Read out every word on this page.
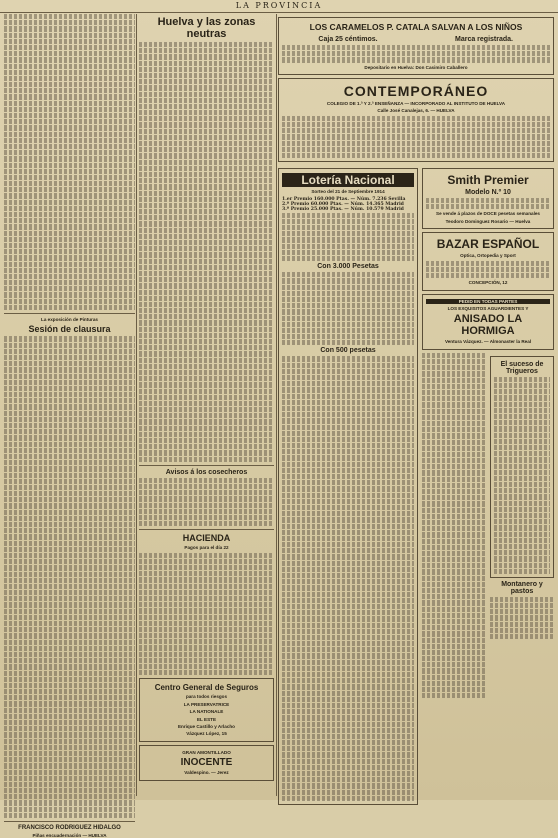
LA PROVINCIA
La exposición de Pinturas
Sesión de clausura
FRANCISCO RODRIGUEZ HIDALGO
Piñas encuadernación — HUELVA
Huelva y las zonas neutras
Avisos á los cosecheros
HACIENDA
Pagos para el día 22
Centro General de Seguros
para todos riesgos
LA PRESERVATRICE
LA NATIONALE
EL ESTE
Enrique Castillo y Arlacho
Vázquez López, 15
GRAN AMONTILLADO
INOCENTE
Valdespino. — Jerez
LOS CARAMELOS P. CATALA SALVAN A LOS NIÑOS
Caja 25 céntimos.	Marca registrada.
Depositario en Huelva: Don Casimiro Caballero
CONTEMPORÁNEO
COLEGIO DE 1.ª Y 2.ª ENSEÑANZA — INCORPORADO AL INSTITUTO DE HUELVA
Calle José Canalejas, 6. — HUELVA
Lotería Nacional
Sorteo del 21 de Septiembre 1914
1.er Premio 160.000 Ptas. — Núm. 7.236 Sevilla
2.º Premio 60.000 Ptas. — Núm. 14.365 Madrid
3.º Premio 25.000 Ptas. — Núm. 10.579 Madrid
Con 3.000 Pesetas
Con 500 pesetas
Smith Premier
Modelo N.º 10
Se vende á plazos de DOCE pesetas semanales
Teodoro Dominguez Rosario — Huelva
BAZAR ESPAÑOL
Optica, Ortopedia y Sport
CONCEPCIÓN, 12
PEDID EN TODAS PARTES
LOS EXQUISITOS AGUARDIENTES Y
ANISADO LA HORMIGA
Ventura Vázquez. — Almonaster la Real
El suceso de Trigueros
Montanero y pastos
